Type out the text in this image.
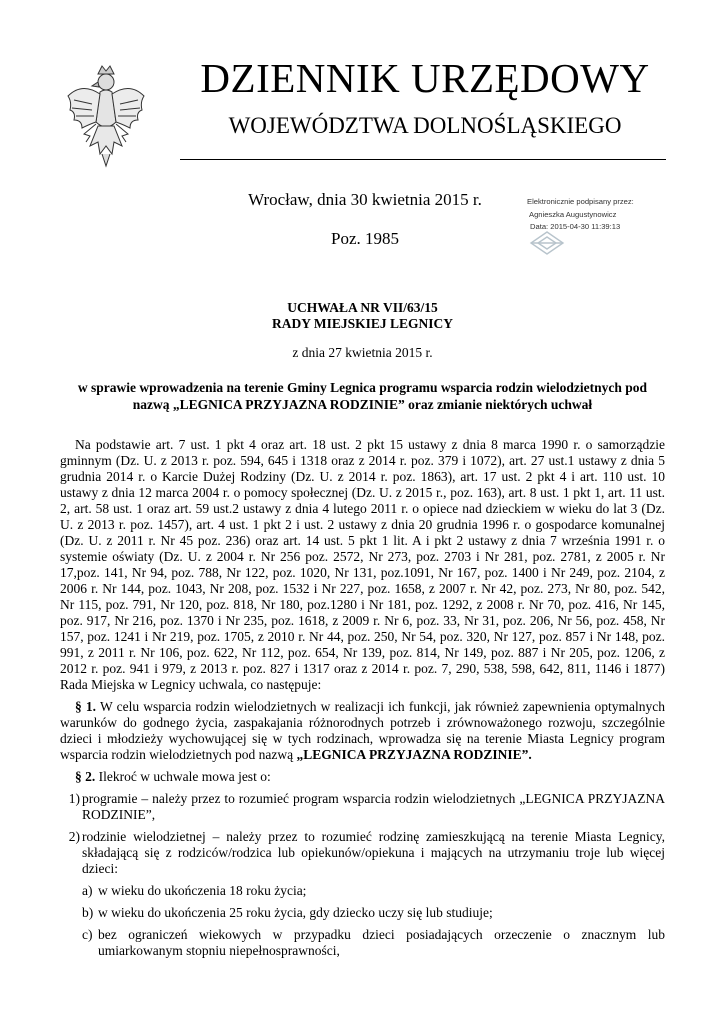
DZIENNIK URZĘDOWY
WOJEWÓDZTWA DOLNOŚLĄSKIEGO
Wrocław, dnia 30 kwietnia 2015 r.
Poz. 1985
Elektronicznie podpisany przez:
Agnieszka Augustynowicz
Data: 2015-04-30 11:39:13
UCHWAŁA NR VII/63/15
RADY MIEJSKIEJ LEGNICY
z dnia 27 kwietnia 2015 r.
w sprawie wprowadzenia na terenie Gminy Legnica programu wsparcia rodzin wielodzietnych pod
nazwą „LEGNICA PRZYJAZNA RODZINIE” oraz zmianie niektórych uchwał

Na podstawie art. 7 ust. 1 pkt 4 oraz art. 18 ust. 2 pkt 15 ustawy z dnia 8 marca 1990 r. o samorządzie gminnym (Dz. U. z 2013 r. poz. 594, 645 i 1318 oraz z 2014 r. poz. 379 i 1072), art. 27 ust.1 ustawy z dnia 5 grudnia 2014 r. o Karcie Dużej Rodziny (Dz. U. z 2014 r. poz. 1863), art. 17 ust. 2 pkt 4 i art. 110 ust. 10 ustawy z dnia 12 marca 2004 r. o pomocy społecznej (Dz. U. z 2015 r., poz. 163), art. 8 ust. 1 pkt 1, art. 11 ust. 2, art. 58 ust. 1 oraz art. 59 ust.2 ustawy z dnia 4 lutego 2011 r. o opiece nad dzieckiem w wieku do lat 3 (Dz. U. z 2013 r. poz. 1457), art. 4 ust. 1 pkt 2 i ust. 2 ustawy z dnia 20 grudnia 1996 r. o gospodarce komunalnej (Dz. U. z 2011 r. Nr 45 poz. 236) oraz art. 14 ust. 5 pkt 1 lit. A i pkt 2 ustawy z dnia 7 września 1991 r. o systemie oświaty (Dz. U. z 2004 r. Nr 256 poz. 2572, Nr 273, poz. 2703 i Nr 281, poz. 2781, z 2005 r. Nr 17,poz. 141, Nr 94, poz. 788, Nr 122, poz. 1020, Nr 131, poz.1091, Nr 167, poz. 1400 i Nr 249, poz. 2104, z 2006 r. Nr 144, poz. 1043, Nr 208, poz. 1532 i Nr 227, poz. 1658, z 2007 r. Nr 42, poz. 273, Nr 80, poz. 542, Nr 115, poz. 791, Nr 120, poz. 818, Nr 180, poz.1280 i Nr 181, poz. 1292, z 2008 r. Nr 70, poz. 416, Nr 145, poz. 917, Nr 216, poz. 1370 i Nr 235, poz. 1618, z 2009 r. Nr 6, poz. 33, Nr 31, poz. 206, Nr 56, poz. 458, Nr 157, poz. 1241 i Nr 219, poz. 1705, z 2010 r. Nr 44, poz. 250, Nr 54, poz. 320, Nr 127, poz. 857 i Nr 148, poz. 991, z 2011 r. Nr 106, poz. 622, Nr 112, poz. 654, Nr 139, poz. 814, Nr 149, poz. 887 i Nr 205, poz. 1206, z 2012 r. poz. 941 i 979, z 2013 r. poz. 827 i 1317 oraz z 2014 r. poz. 7, 290, 538, 598, 642, 811, 1146 i 1877) Rada Miejska w Legnicy uchwala, co następuje:

§ 1. W celu wsparcia rodzin wielodzietnych w realizacji ich funkcji, jak również zapewnienia optymalnych warunków do godnego życia, zaspakajania różnorodnych potrzeb i zrównoważonego rozwoju, szczególnie dzieci i młodzieży wychowującej się w tych rodzinach, wprowadza się na terenie Miasta Legnicy program wsparcia rodzin wielodzietnych pod nazwą „LEGNICA PRZYJAZNA RODZINIE”.

§ 2. Ilekroć w uchwale mowa jest o:

1) programie – należy przez to rozumieć program wsparcia rodzin wielodzietnych „LEGNICA PRZYJAZNA RODZINIE”,

2) rodzinie wielodzietnej – należy przez to rozumieć rodzinę zamieszkującą na terenie Miasta Legnicy, składającą się z rodziców/rodzica lub opiekunów/opiekuna i mających na utrzymaniu troje lub więcej dzieci:

a) w wieku do ukończenia 18 roku życia;

b) w wieku do ukończenia 25 roku życia, gdy dziecko uczy się lub studiuje;

c) bez ograniczeń wiekowych w przypadku dzieci posiadających orzeczenie o znacznym lub umiarkowanym stopniu niepełnosprawności,
